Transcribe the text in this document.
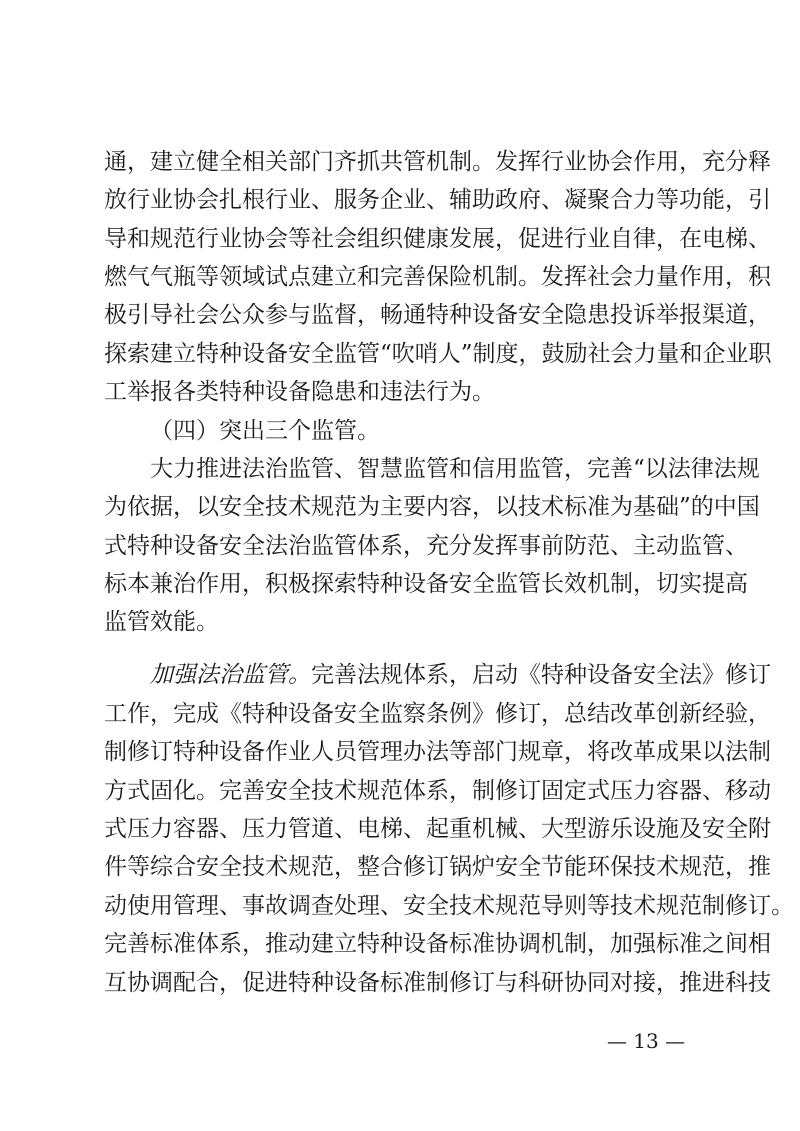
通，建立健全相关部门齐抓共管机制。发挥行业协会作用，充分释
放行业协会扎根行业、服务企业、辅助政府、凝聚合力等功能，引
导和规范行业协会等社会组织健康发展，促进行业自律，在电梯、
燃气气瓶等领域试点建立和完善保险机制。发挥社会力量作用，积
极引导社会公众参与监督，畅通特种设备安全隐患投诉举报渠道，
探索建立特种设备安全监管“吹哨人”制度，鼓励社会力量和企业职
工举报各类特种设备隐患和违法行为。
（四）突出三个监管。
大力推进法治监管、智慧监管和信用监管，完善“以法律法规
为依据，以安全技术规范为主要内容，以技术标准为基础”的中国
式特种设备安全法治监管体系，充分发挥事前防范、主动监管、
标本兼治作用，积极探索特种设备安全监管长效机制，切实提高
监管效能。
加强法治监管。完善法规体系，启动《特种设备安全法》修订
工作，完成《特种设备安全监察条例》修订，总结改革创新经验，
制修订特种设备作业人员管理办法等部门规章，将改革成果以法制
方式固化。完善安全技术规范体系，制修订固定式压力容器、移动
式压力容器、压力管道、电梯、起重机械、大型游乐设施及安全附
件等综合安全技术规范，整合修订锅炉安全节能环保技术规范，推
动使用管理、事故调查处理、安全技术规范导则等技术规范制修订。
完善标准体系，推动建立特种设备标准协调机制，加强标准之间相
互协调配合，促进特种设备标准制修订与科研协同对接，推进科技
— 13 —
